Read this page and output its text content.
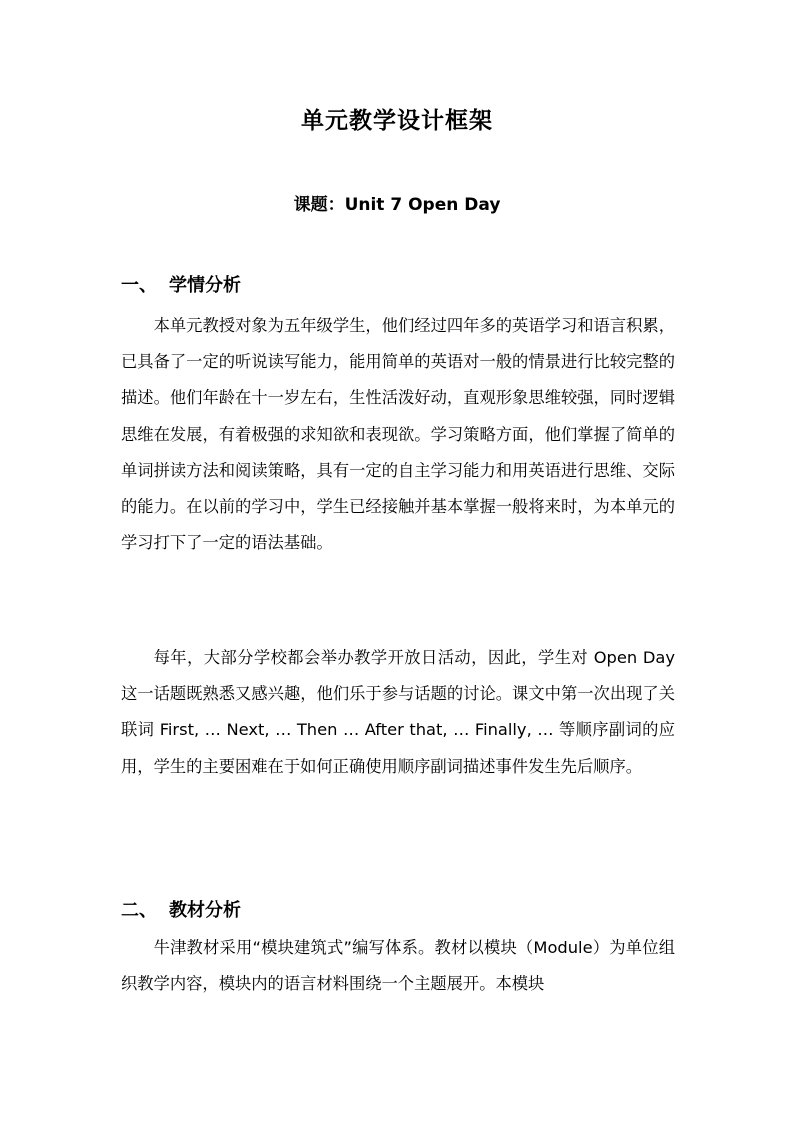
单元教学设计框架
课题：Unit 7 Open Day
一、 学情分析

本单元教授对象为五年级学生，他们经过四年多的英语学习和语言积累，已具备了一定的听说读写能力，能用简单的英语对一般的情景进行比较完整的描述。他们年龄在十一岁左右，生性活泼好动，直观形象思维较强，同时逻辑思维在发展，有着极强的求知欲和表现欲。学习策略方面，他们掌握了简单的单词拼读方法和阅读策略，具有一定的自主学习能力和用英语进行思维、交际的能力。在以前的学习中，学生已经接触并基本掌握一般将来时，为本单元的学习打下了一定的语法基础。

每年，大部分学校都会举办教学开放日活动，因此，学生对 Open Day 这一话题既熟悉又感兴趣，他们乐于参与话题的讨论。课文中第一次出现了关联词 First, … Next, … Then … After that, … Finally, … 等顺序副词的应用，学生的主要困难在于如何正确使用顺序副词描述事件发生先后顺序。

二、 教材分析

牛津教材采用“模块建筑式”编写体系。教材以模块（Module）为单位组织教学内容，模块内的语言材料围绕一个主题展开。本模块
